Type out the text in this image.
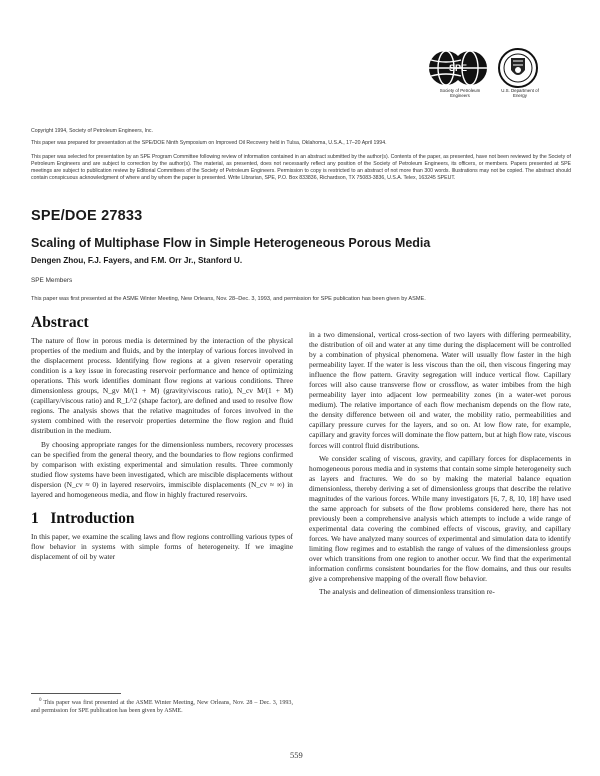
SPE
Society of Petroleum Engineers
U.S. Department of Energy
Copyright 1994, Society of Petroleum Engineers, Inc.
This paper was prepared for presentation at the SPE/DOE Ninth Symposium on Improved Oil Recovery held in Tulsa, Oklahoma, U.S.A., 17–20 April 1994.
This paper was selected for presentation by an SPE Program Committee following review of information contained in an abstract submitted by the author(s). Contents of the paper, as presented, have not been reviewed by the Society of Petroleum Engineers and are subject to correction by the author(s). The material, as presented, does not necessarily reflect any position of the Society of Petroleum Engineers, its officers, or members. Papers presented at SPE meetings are subject to publication review by Editorial Committees of the Society of Petroleum Engineers. Permission to copy is restricted to an abstract of not more than 300 words. Illustrations may not be copied. The abstract should contain conspicuous acknowledgment of where and by whom the paper is presented. Write Librarian, SPE, P.O. Box 833836, Richardson, TX 75083-3836, U.S.A. Telex, 163245 SPEUT.
SPE/DOE 27833
Scaling of Multiphase Flow in Simple Heterogeneous Porous Media
Dengen Zhou, F.J. Fayers, and F.M. Orr Jr., Stanford U.
SPE Members
This paper was first presented at the ASME Winter Meeting, New Orleans, Nov. 28–Dec. 3, 1993, and permission for SPE publication has been given by ASME.
Abstract

The nature of flow in porous media is determined by the interaction of the physical properties of the medium and fluids, and by the interplay of various forces involved in the displacement process. Identifying flow regions at a given reservoir operating condition is a key issue in forecasting reservoir performance and hence of optimizing operations. This work identifies dominant flow regions at various conditions. Three dimensionless groups, N_gv M/(1 + M) (gravity/viscous ratio), N_cv M/(1 + M) (capillary/viscous ratio) and R_L^2 (shape factor), are defined and used to resolve flow regions. The analysis shows that the relative magnitudes of forces involved in the system combined with the reservoir properties determine the flow region and fluid distribution in the medium.

By choosing appropriate ranges for the dimensionless numbers, recovery processes can be specified from the general theory, and the boundaries to flow regions confirmed by comparison with existing experimental and simulation results. Three commonly studied flow systems have been investigated, which are miscible displacements without dispersion (N_cv ≈ 0) in layered reservoirs, immiscible displacements (N_cv ≈ ∞) in layered and homogeneous media, and flow in highly fractured reservoirs.

1 Introduction

In this paper, we examine the scaling laws and flow regions controlling various types of flow behavior in systems with simple forms of heterogeneity. If we imagine displacement of oil by water

$^0$ This paper was first presented at the ASME Winter Meeting, New Orleans, Nov. 28 – Dec. 3, 1993, and permission for SPE publication has been given by ASME.

in a two dimensional, vertical cross-section of two layers with differing permeability, the distribution of oil and water at any time during the displacement will be controlled by a combination of physical phenomena. Water will usually flow faster in the high permeability layer. If the water is less viscous than the oil, then viscous fingering may influence the flow pattern. Gravity segregation will induce vertical flow. Capillary forces will also cause transverse flow or crossflow, as water imbibes from the high permeability layer into adjacent low permeability zones (in a water-wet porous medium). The relative importance of each flow mechanism depends on the flow rate, the density difference between oil and water, the mobility ratio, permeabilities and capillary pressure curves for the layers, and so on. At low flow rate, for example, capillary and gravity forces will dominate the flow pattern, but at high flow rate, viscous forces will control fluid distributions.

We consider scaling of viscous, gravity, and capillary forces for displacements in homogeneous porous media and in systems that contain some simple heterogeneity such as layers and fractures. We do so by making the material balance equation dimensionless, thereby deriving a set of dimensionless groups that describe the relative magnitudes of the various forces. While many investigators [6, 7, 8, 10, 18] have used the same approach for subsets of the flow problems considered here, there has not previously been a comprehensive analysis which attempts to include a wide range of experimental data covering the combined effects of viscous, gravity, and capillary forces. We have analyzed many sources of experimental and simulation data to identify limiting flow regimes and to establish the range of values of the dimensionless groups over which transitions from one region to another occur. We find that the experimental information confirms consistent boundaries for the flow domains, and thus our results give a comprehensive mapping of the overall flow behavior.

The analysis and delineation of dimensionless transition re-

559
